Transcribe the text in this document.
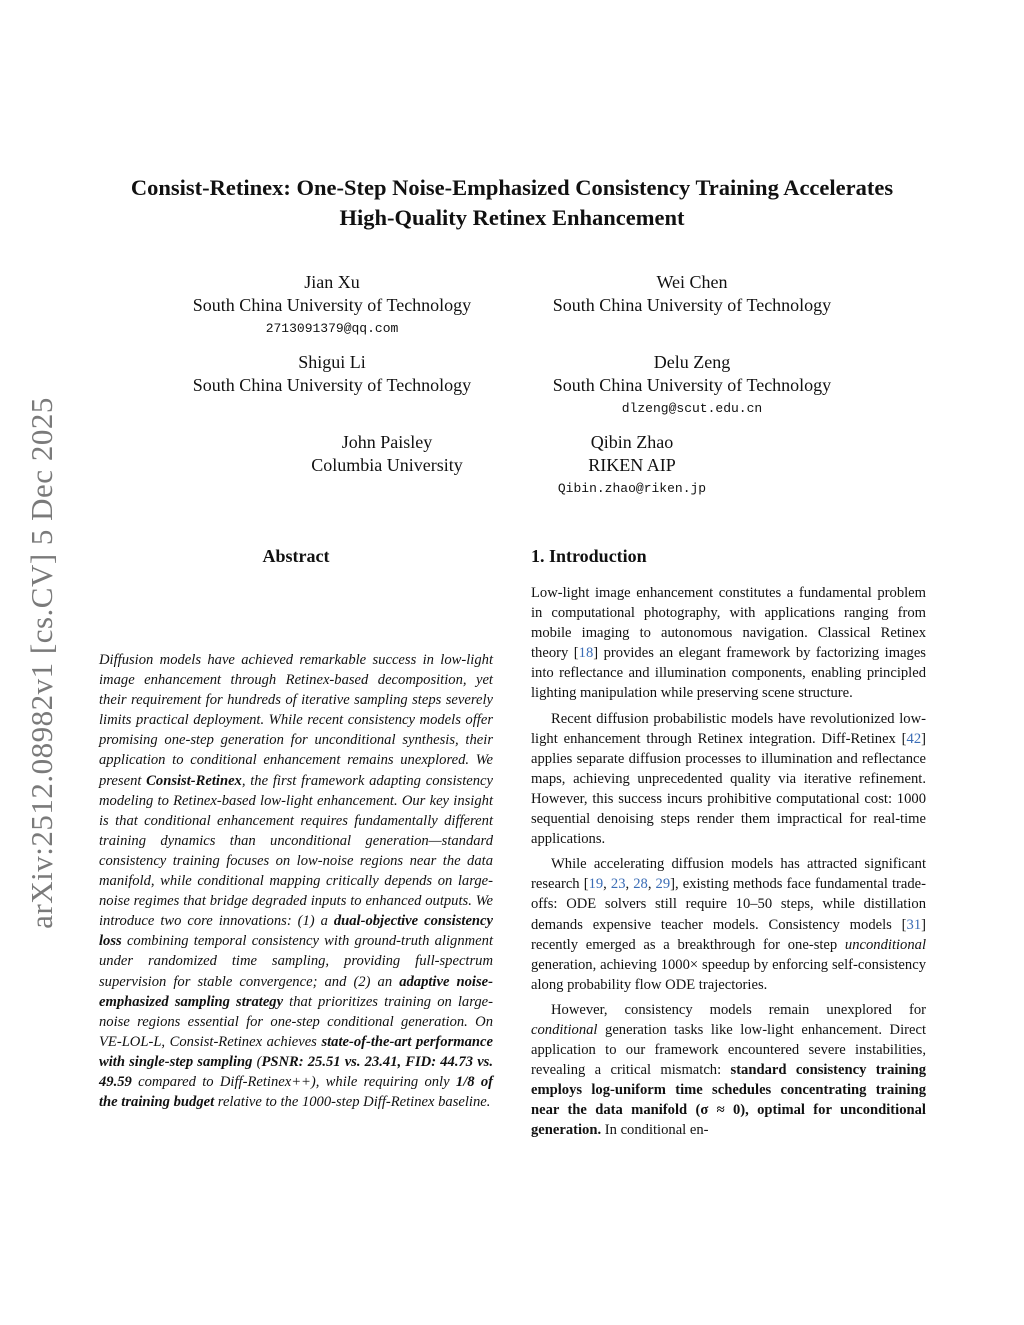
arXiv:2512.08982v1 [cs.CV] 5 Dec 2025
Consist-Retinex: One-Step Noise-Emphasized Consistency Training Accelerates
High-Quality Retinex Enhancement
Jian Xu
South China University of Technology
2713091379@qq.com
Wei Chen
South China University of Technology
Shigui Li
South China University of Technology
Delu Zeng
South China University of Technology
dlzeng@scut.edu.cn
John Paisley
Columbia University
Qibin Zhao
RIKEN AIP
Qibin.zhao@riken.jp
Abstract
Diffusion models have achieved remarkable success in low-light image enhancement through Retinex-based decomposition, yet their requirement for hundreds of iterative sampling steps severely limits practical deployment. While recent consistency models offer promising one-step generation for unconditional synthesis, their application to conditional enhancement remains unexplored. We present Consist-Retinex, the first framework adapting consistency modeling to Retinex-based low-light enhancement. Our key insight is that conditional enhancement requires fundamentally different training dynamics than unconditional generation—standard consistency training focuses on low-noise regions near the data manifold, while conditional mapping critically depends on large-noise regimes that bridge degraded inputs to enhanced outputs. We introduce two core innovations: (1) a dual-objective consistency loss combining temporal consistency with ground-truth alignment under randomized time sampling, providing full-spectrum supervision for stable convergence; and (2) an adaptive noise-emphasized sampling strategy that prioritizes training on large-noise regions essential for one-step conditional generation. On VE-LOL-L, Consist-Retinex achieves state-of-the-art performance with single-step sampling (PSNR: 25.51 vs. 23.41, FID: 44.73 vs. 49.59 compared to Diff-Retinex++), while requiring only 1/8 of the training budget relative to the 1000-step Diff-Retinex baseline.
1. Introduction

Low-light image enhancement constitutes a fundamental problem in computational photography, with applications ranging from mobile imaging to autonomous navigation. Classical Retinex theory [18] provides an elegant framework by factorizing images into reflectance and illumination components, enabling principled lighting manipulation while preserving scene structure.

Recent diffusion probabilistic models have revolutionized low-light enhancement through Retinex integration. Diff-Retinex [42] applies separate diffusion processes to illumination and reflectance maps, achieving unprecedented quality via iterative refinement. However, this success incurs prohibitive computational cost: 1000 sequential denoising steps render them impractical for real-time applications.

While accelerating diffusion models has attracted significant research [19, 23, 28, 29], existing methods face fundamental trade-offs: ODE solvers still require 10–50 steps, while distillation demands expensive teacher models. Consistency models [31] recently emerged as a breakthrough for one-step unconditional generation, achieving 1000× speedup by enforcing self-consistency along probability flow ODE trajectories.

However, consistency models remain unexplored for conditional generation tasks like low-light enhancement. Direct application to our framework encountered severe instabilities, revealing a critical mismatch: standard consistency training employs log-uniform time schedules concentrating training near the data manifold (σ ≈ 0), optimal for unconditional generation. In conditional en-
